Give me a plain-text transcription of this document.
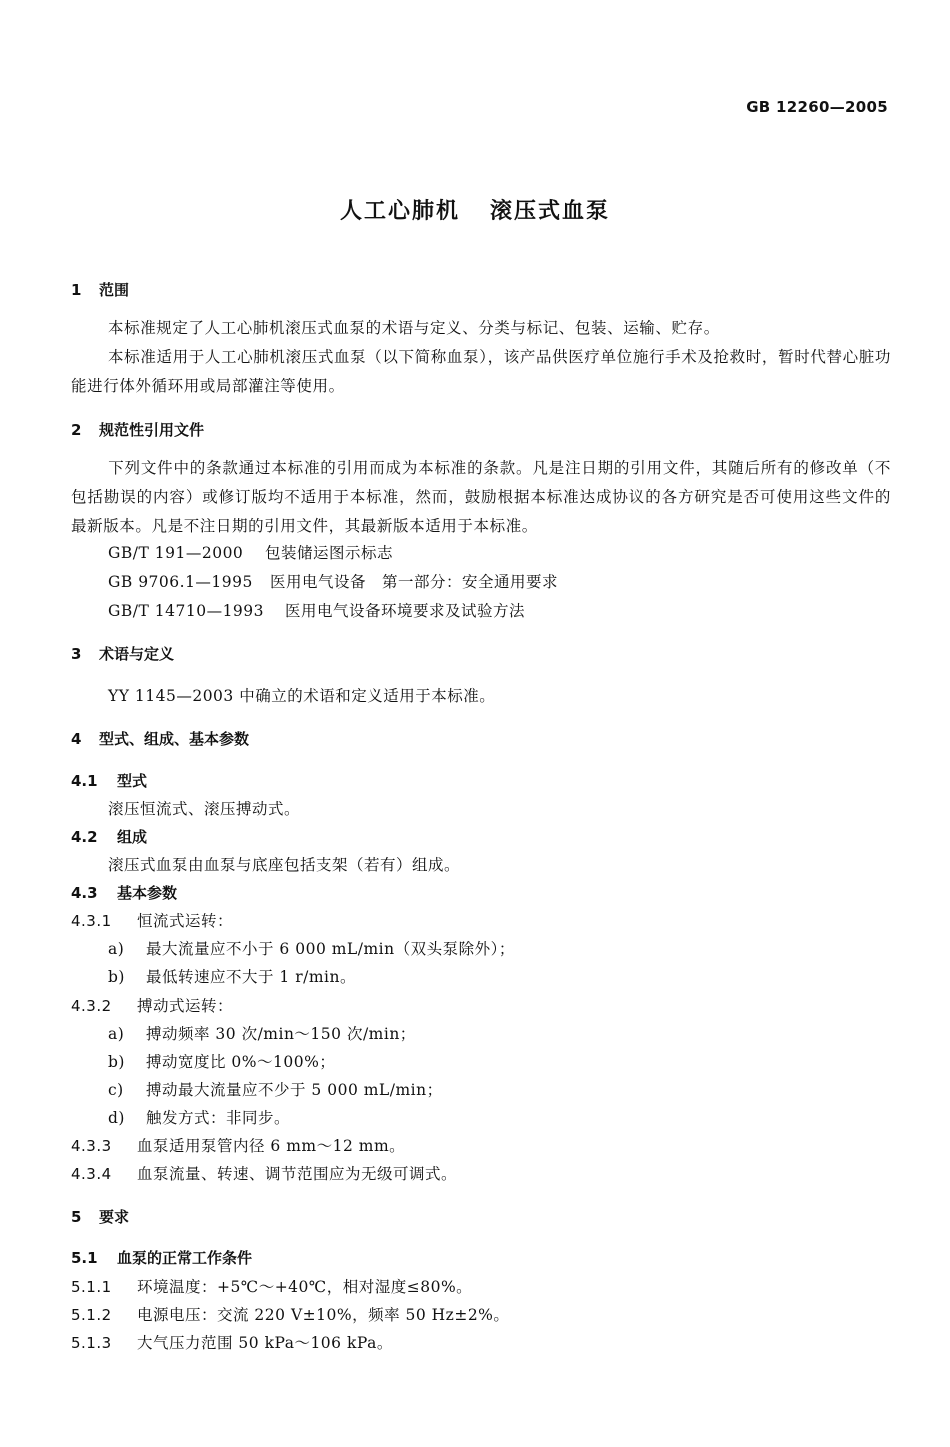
GB 12260—2005
人工心肺机 滚压式血泵
1 范围
本标准规定了人工心肺机滚压式血泵的术语与定义、分类与标记、包装、运输、贮存。
本标准适用于人工心肺机滚压式血泵（以下简称血泵），该产品供医疗单位施行手术及抢救时，暂时代替心脏功能进行体外循环用或局部灌注等使用。
2 规范性引用文件
下列文件中的条款通过本标准的引用而成为本标准的条款。凡是注日期的引用文件，其随后所有的修改单（不包括勘误的内容）或修订版均不适用于本标准，然而，鼓励根据本标准达成协议的各方研究是否可使用这些文件的最新版本。凡是不注日期的引用文件，其最新版本适用于本标准。
GB/T 191—2000 包装储运图示标志
GB 9706.1—1995 医用电气设备　第一部分：安全通用要求
GB/T 14710—1993 医用电气设备环境要求及试验方法
3 术语与定义
YY 1145—2003 中确立的术语和定义适用于本标准。
4 型式、组成、基本参数
4.1 型式
滚压恒流式、滚压搏动式。
4.2 组成
滚压式血泵由血泵与底座包括支架（若有）组成。
4.3 基本参数
4.3.1 恒流式运转：
a) 最大流量应不小于 6 000 mL/min（双头泵除外）；
b) 最低转速应不大于 1 r/min。
4.3.2 搏动式运转：
a) 搏动频率 30 次/min～150 次/min；
b) 搏动宽度比 0%～100%；
c) 搏动最大流量应不少于 5 000 mL/min；
d) 触发方式：非同步。
4.3.3 血泵适用泵管内径 6 mm～12 mm。
4.3.4 血泵流量、转速、调节范围应为无级可调式。
5 要求
5.1 血泵的正常工作条件
5.1.1 环境温度：+5℃～+40℃，相对湿度≤80%。
5.1.2 电源电压：交流 220 V±10%，频率 50 Hz±2%。
5.1.3 大气压力范围 50 kPa～106 kPa。
